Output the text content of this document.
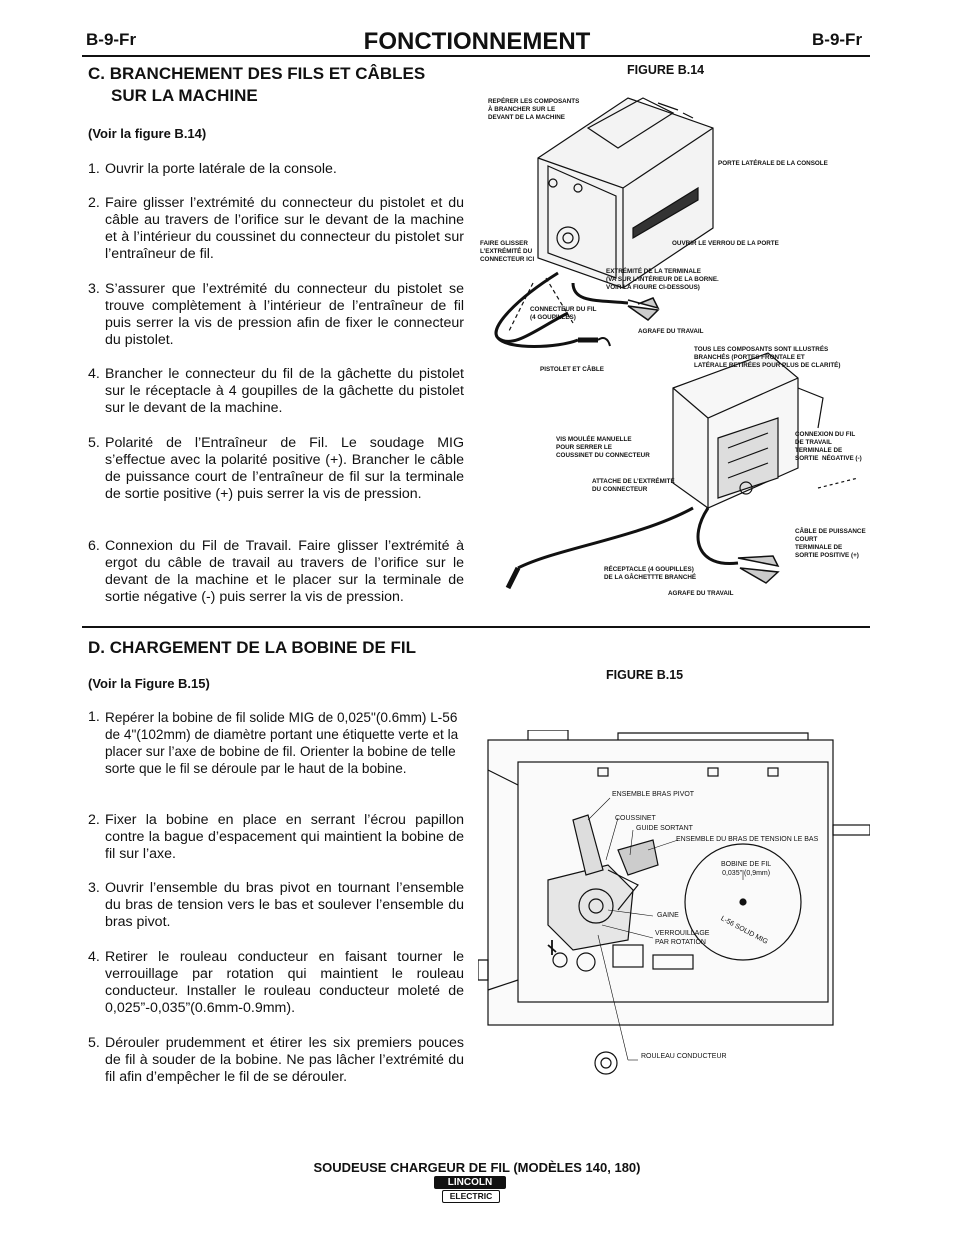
B-9-Fr	FONCTIONNEMENT	B-9-Fr
C. BRANCHEMENT DES FILS ET CÂBLES
SUR LA MACHINE
(Voir la figure B.14)
1. Ouvrir la porte latérale de la console.
2. Faire glisser l’extrémité du connecteur du pistolet et du câble au travers de l’orifice sur le devant de la machine et à l’intérieur du coussinet du connecteur du pistolet sur l’entraîneur de fil.
3. S’assurer que l’extrémité du connecteur du pistolet se trouve complètement à l’intérieur de l’entraîneur de fil puis serrer la vis de pression afin de fixer le connecteur du pistolet.
4. Brancher le connecteur du fil de la gâchette du pistolet sur le réceptacle à 4 goupilles de la gâchette du pistolet sur le devant de la machine.
5. Polarité de l’Entraîneur de Fil. Le soudage MIG s’effectue avec la polarité positive (+). Brancher le câble de puissance court de l’entraîneur de fil sur la terminale de sortie positive (+) puis serrer la vis de pression.
6. Connexion du Fil de Travail. Faire glisser l’extrémité à ergot du câble de travail au travers de l’orifice sur le devant de la machine et le placer sur la terminale de sortie négative (-) puis serrer la vis de pression.
FIGURE B.14
REPÉRER LES COMPOSANTS
À BRANCHER SUR LE
DEVANT DE LA MACHINE
PORTE LATÉRALE DE LA CONSOLE
FAIRE GLISSER
L’EXTRÉMITÉ DU
CONNECTEUR ICI
OUVRIR LE VERROU DE LA PORTE
EXTRÉMITÉ DE LA TERMINALE
(VA SUR L’INTÉRIEUR DE LA BORNE.
VOIR LA FIGURE CI-DESSOUS)
CONNECTEUR DU FIL
(4 GOUPILLES)
AGRAFE DU TRAVAIL
TOUS LES COMPOSANTS SONT ILLUSTRÉS
BRANCHÉS (PORTES FRONTALE ET
LATÉRALE RETIRÉES POUR PLUS DE CLARITÉ)
PISTOLET ET CÂBLE
VIS MOULÉE MANUELLE
POUR SERRER LE
COUSSINET DU CONNECTEUR
CONNEXION DU FIL
DE TRAVAIL
TERMINALE DE
SORTIE  NÉGATIVE (-)
ATTACHE DE L’EXTRÉMITÉ
DU CONNECTEUR
CÂBLE DE PUISSANCE
COURT
TERMINALE DE
SORTIE POSITIVE (+)
RÉCEPTACLE (4 GOUPILLES)
DE LA GÂCHETTTE BRANCHÉ
AGRAFE DU TRAVAIL
D. CHARGEMENT DE LA BOBINE DE FIL
(Voir la Figure B.15)
1. Repérer la bobine de fil solide MIG de 0,025"(0.6mm) L-56 de 4"(102mm) de diamètre portant une étiquette verte et la placer sur l’axe de bobine de fil. Orienter la bobine de telle sorte que le fil se déroule par le haut de la bobine.
2. Fixer la bobine en place en serrant l’écrou papillon contre la bague d’espacement qui maintient la bobine de fil sur l’axe.
3. Ouvrir l’ensemble du bras pivot en tournant l’ensemble du bras de tension vers le bas et soulever l’ensemble du bras pivot.
4. Retirer le rouleau conducteur en faisant tourner le verrouillage par rotation qui maintient le rouleau conducteur. Installer le rouleau conducteur moleté de 0,025”-0,035”(0.6mm-0.9mm).
5. Dérouler prudemment et étirer les six premiers pouces de fil à souder de la bobine. Ne pas lâcher l’extrémité du fil afin d’empêcher le fil de se dérouler.
FIGURE B.15
ENSEMBLE BRAS PIVOT
COUSSINET
GUIDE SORTANT
ENSEMBLE DU BRAS DE TENSION LE BAS
BOBINE DE FIL
0,035" (0,9mm)
L-56 SOLID MIG
GAINE
VERROUILLAGE
PAR ROTATION
ROULEAU CONDUCTEUR
SOUDEUSE CHARGEUR DE FIL (MODÈLES 140, 180)
LINCOLN
ELECTRIC
